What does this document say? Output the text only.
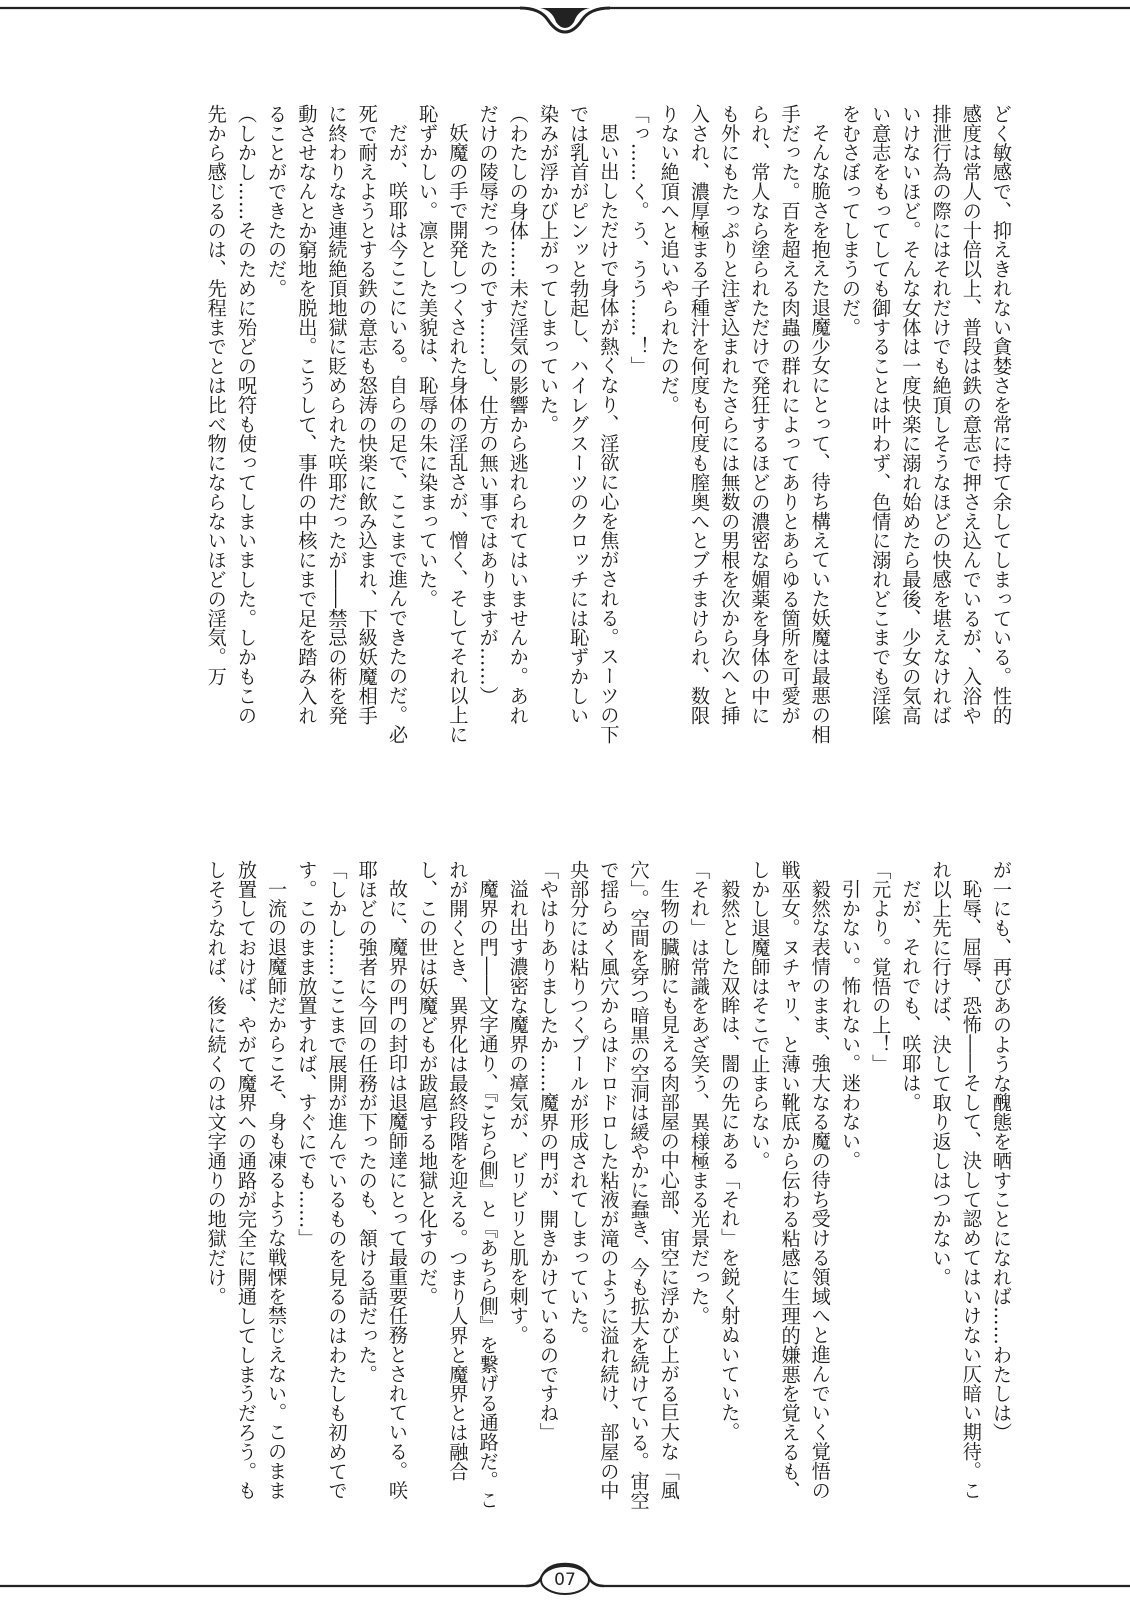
どく敏感で、抑えきれない貪婪さを常に持て余してしまっている。性的感度は常人の十倍以上、普段は鉄の意志で押さえ込んでいるが、入浴や排泄行為の際にはそれだけでも絶頂しそうなほどの快感を堪えなければいけないほど。そんな女体は一度快楽に溺れ始めたら最後、少女の気高い意志をもってしても御することは叶わず、色情に溺れどこまでも淫隂をむさぼってしまうのだ。

そんな脆さを抱えた退魔少女にとって、待ち構えていた妖魔は最悪の相手だった。百を超える肉蟲の群れによってありとあらゆる箇所を可愛がられ、常人なら塗られただけで発狂するほどの濃密な媚薬を身体の中にも外にもたっぷりと注ぎ込まれたさらには無数の男根を次から次へと挿入され、濃厚極まる子種汁を何度も何度も膣奥へとブチまけられ、数限りない絶頂へと追いやられたのだ。

「っ……く。う、うう……！」

思い出しただけで身体が熱くなり、淫欲に心を焦がされる。スーツの下では乳首がピンッと勃起し、ハイレグスーツのクロッチには恥ずかしい染みが浮かび上がってしまっていた。

（わたしの身体……未だ淫気の影響から逃れられてはいませんか。あれだけの陵辱だったのです……し、仕方の無い事ではありますが……）

妖魔の手で開発しつくされた身体の淫乱さが、憎く、そしてそれ以上に恥ずかしい。凛とした美貌は、恥辱の朱に染まっていた。

だが、咲耶は今ここにいる。自らの足で、ここまで進んできたのだ。必死で耐えようとする鉄の意志も怒涛の快楽に飲み込まれ、下級妖魔相手に終わりなき連続絶頂地獄に貶められた咲耶だったが――禁忌の術を発動させなんとか窮地を脱出。こうして、事件の中核にまで足を踏み入れることができたのだ。

（しかし……そのために殆どの呪符も使ってしまいました。しかもこの先から感じるのは、先程までとは比べ物にならないほどの淫気。万

が一にも、再びあのような醜態を晒すことになれば……わたしは）

恥辱、屈辱、恐怖――そして、決して認めてはいけない仄暗い期待。これ以上先に行けば、決して取り返しはつかない。

だが、それでも、咲耶は。

「元より。覚悟の上！」

引かない。怖れない。迷わない。

毅然な表情のまま、強大なる魔の待ち受ける領域へと進んでいく覚悟の戦巫女。ヌチャリ、と薄い靴底から伝わる粘感に生理的嫌悪を覚えるも、しかし退魔師はそこで止まらない。

毅然とした双眸は、闇の先にある「それ」を鋭く射ぬいていた。

「それ」は常識をあざ笑う、異様極まる光景だった。

生物の臓腑にも見える肉部屋の中心部、宙空に浮かび上がる巨大な「風穴」。空間を穿つ暗黒の空洞は緩やかに蠢き、今も拡大を続けている。宙空で揺らめく風穴からはドロドロした粘液が滝のように溢れ続け、部屋の中央部分には粘りつくプールが形成されてしまっていた。

「やはりありましたか……魔界の門が、開きかけているのですね」

溢れ出す濃密な魔界の瘴気が、ビリビリと肌を刺す。

魔界の門――文字通り、『こちら側』と『あちら側』を繋げる通路だ。これが開くとき、異界化は最終段階を迎える。つまり人界と魔界とは融合し、この世は妖魔どもが跋扈する地獄と化すのだ。

故に、魔界の門の封印は退魔師達にとって最重要任務とされている。咲耶ほどの強者に今回の任務が下ったのも、頷ける話だった。

「しかし……ここまで展開が進んでいるものを見るのはわたしも初めてです。このまま放置すれば、すぐにでも……」

一流の退魔師だからこそ、身も凍るような戦慄を禁じえない。このまま放置しておけば、やがて魔界への通路が完全に開通してしまうだろう。もしそうなれば、後に続くのは文字通りの地獄だけ。

07
